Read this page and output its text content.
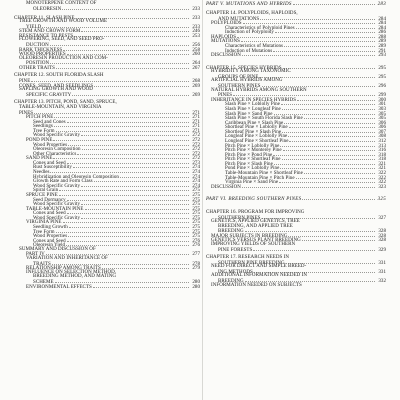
MONOTERPENE CONTENT OF
OLEORESIN	233
CHAPTER 11. SLASH PINE	233
TREE GROWTH AND WOOD VOLUME
YIELD	233
STEM AND CROWN FORM	246
RESISTANCE TO PESTS	253
FLOWERING, SEED, AND SEED PRO-
DUCTION	256
BARK THICKNESS	258
WOOD PROPERTIES	260
OLEORESIN PRODUCTION AND COM-
POSITION	264
OTHER TRAITS	267
CHAPTER 12. SOUTH FLORIDA SLASH
PINE	268
CONES, SEED, AND SEEDLINGS	269
SAPLING GROWTH AND WOOD
SPECIFIC GRAVITY	269
CHAPTER 13. PITCH, POND, SAND, SPRUCE,
TABLE-MOUNTAIN, AND VIRGINIA
PINES	271
PITCH PINE	271
Seed and Cones	271
Seedlings	271
Tree Form	271
Wood Specific Gravity	272
POND PINE	272
Wood Properties	272
Oleoresin Composition	272
Other Characteristics	272
SAND PINE	272
Cones and Seed	273
Rust Susceptibility	274
Needles	274
Hybridization and Oleoresin Composition	274
Growth Rate and Form Class	274
Wood Specific Gravity	274
Spiral Grain	275
SPRUCE PINE	275
Seed Dormancy	275
Wood Specific Gravity	275
TABLE-MOUNTAIN PINE	275
Cones and Seed	275
Wood Specific Gravity	275
VIRGINIA PINE	275
Seedling Growth	275
Tree Form	275
Wood Properties	275
Cones and Seed	276
Oleoresin Yield	276
SUMMARY AND DISCUSSION OF
PART IV	277
VARIATION AND INHERITANCE OF
TRAITS	278
RELATIONSHIP AMONG TRAITS	279
INFLUENCE ON SELECTION METHOD,
BREEDING METHOD, AND MATING
SCHEME	280
ENVIRONMENTAL EFFECTS	280
PART V. MUTATIONS AND HYBRIDS	283
CHAPTER 14. POLYPLOIDS, HAPLOIDS,
AND MUTATIONS	284
POLYPLOIDS	284
Characteristics of Polyploid Pines	284
Induction of Polyploidy	286
HAPLOIDS	288
MUTATIONS	289
Characteristics of Mutations	289
Induction of Mutations	291
DISCUSSION	293
CHAPTER 15. SPECIES HYBRIDS	295
HYBRIDITY AMONG TAXONOMIC
GROUPS OF PINE	295
ARTIFICIAL HYBRIDS AMONG
SOUTHERN PINES	296
NATURAL HYBRIDS AMONG SOUTHERN
PINES	299
INHERITANCE IN SPECIES HYBRIDS	300
Slash Pine × Loblolly Pine	301
Slash Pine × Longleaf Pine	303
Slash Pine × Sand Pine	305
Slash Pine × South Florida Slash Pine	305
Caribbean Pine × Slash Pine	306
Shortleaf Pine × Loblolly Pine	306
Shortleaf Pine × Slash Pine	307
Longleaf Pine × Loblolly Pine	308
Longleaf Pine × Shortleaf Pine	312
Pitch Pine × Loblolly Pine	313
Pitch Pine × Monterey Pine	316
Pitch Pine × Pond Pine	318
Pitch Pine × Shortleaf Pine	318
Pitch Pine × Slash Pine	321
Pond Pine × Loblolly Pine	321
Table-Mountain Pine × Shortleaf Pine	322
Table-Mountain Pine × Pitch Pine	322
Virginia Pine × Sand Pine	322
DISCUSSION	323
PART VI. BREEDING SOUTHERN PINES	325
CHAPTER 16. PROGRAM FOR IMPROVING
SOUTHERN PINES	327
GENETICS, APPLIED GENETICS, TREE
BREEDING, AND APPLIED TREE
BREEDING	328
MAJOR SUBJECTS IN BREEDING	328
GENETICS VERSUS PLANT BREEDING	328
IMPROVING YIELDS OF SOUTHERN
PINE FORESTS	329
CHAPTER 17. RESEARCH NEEDS IN
SOUTHERN PINE BREEDING	331
NEED FOR DIRECT AND SIMPLE BREED-
ING METHODS	331
ADDITIONAL INFORMATION NEEDED IN
BREEDING	332
INFORMATION NEEDED ON SUBJECTS
